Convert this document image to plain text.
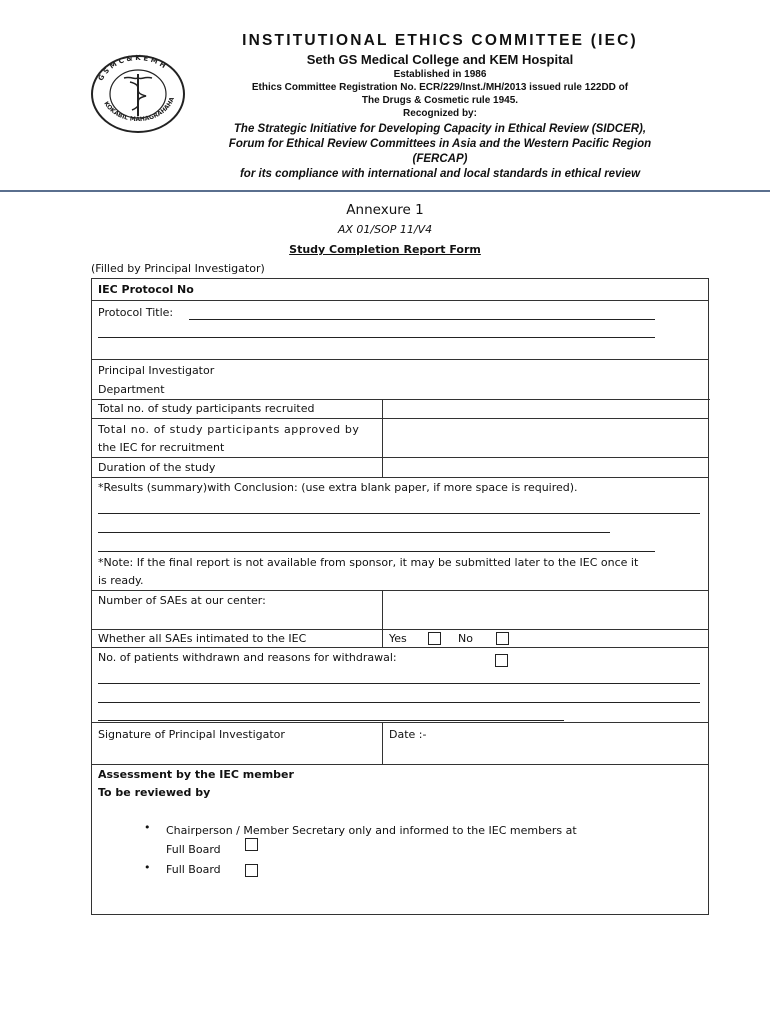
G S M C & K E M H
KOKABIL MAHAGRAHAHA
INSTITUTIONAL ETHICS COMMITTEE (IEC)
Seth GS Medical College and KEM Hospital
Established in 1986
Ethics Committee Registration No. ECR/229/Inst./MH/2013 issued rule 122DD of
The Drugs & Cosmetic rule 1945.
Recognized by:
The Strategic Initiative for Developing Capacity in Ethical Review (SIDCER),
Forum for Ethical Review Committees in Asia and the Western Pacific Region
(FERCAP)
for its compliance with international and local standards in ethical review
Annexure 1
AX 01/SOP 11/V4
Study Completion Report Form
(Filled by Principal Investigator)
IEC Protocol No
Protocol Title:
Principal Investigator
Department
Total no. of study participants recruited
Total no. of study participants approved by
the IEC for recruitment
Duration of the study
*Results (summary)with Conclusion: (use extra blank paper, if more space is required).
*Note: If the final report is not available from sponsor, it may be submitted later to the IEC once it
is ready.
Number of SAEs at our center:
Whether all SAEs intimated to the IEC	Yes	No
No. of patients withdrawn and reasons for withdrawal:
Signature of Principal Investigator	Date :-
Assessment by the IEC member
To be reviewed by
• Chairperson / Member Secretary only and informed to the IEC members at
Full Board
• Full Board
